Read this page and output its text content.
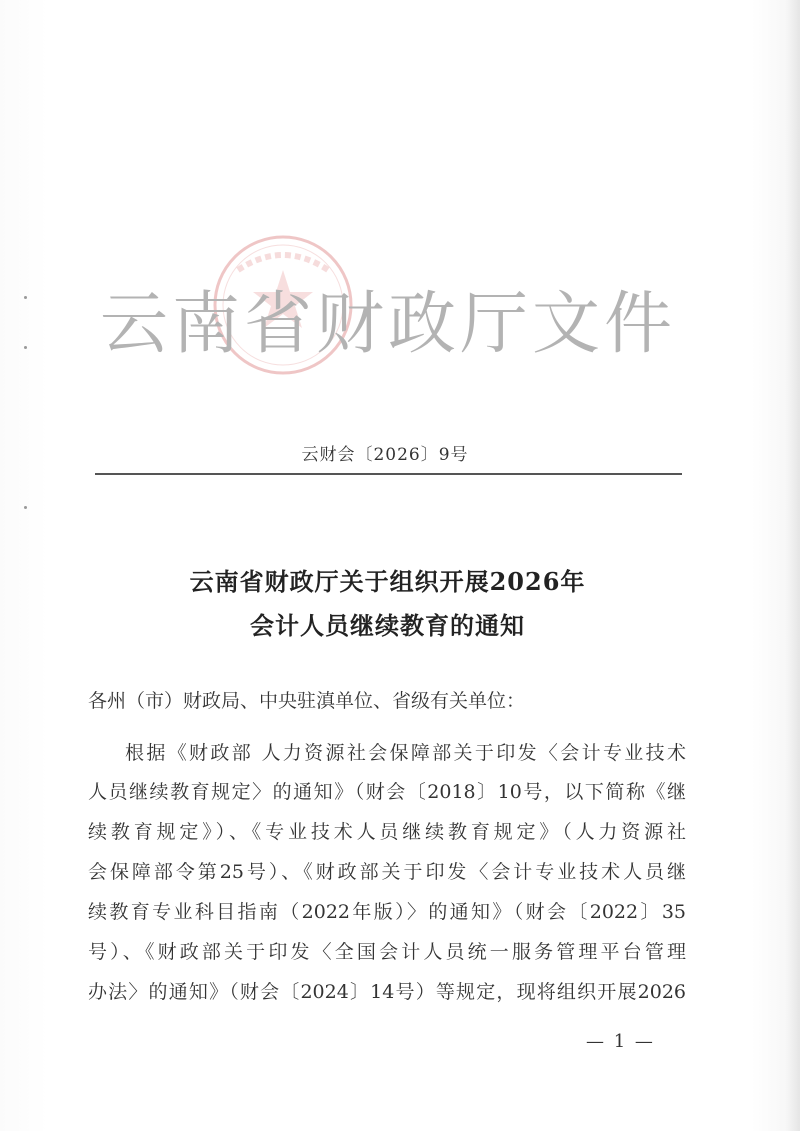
云南省财政厅文件
云财会〔2026〕9号
云南省财政厅关于组织开展2026年
会计人员继续教育的通知
各州（市）财政局、中央驻滇单位、省级有关单位：
根据《财政部 人力资源社会保障部关于印发〈会计专业技术
人员继续教育规定〉的通知》（财会〔2018〕10号，以下简称《继
续教育规定》）、《专业技术人员继续教育规定》（人力资源社
会保障部令第25号）、《财政部关于印发〈会计专业技术人员继
续教育专业科目指南（2022年版）〉的通知》（财会〔2022〕35
号）、《财政部关于印发〈全国会计人员统一服务管理平台管理
办法〉的通知》（财会〔2024〕14号）等规定，现将组织开展2026
— 1 —
